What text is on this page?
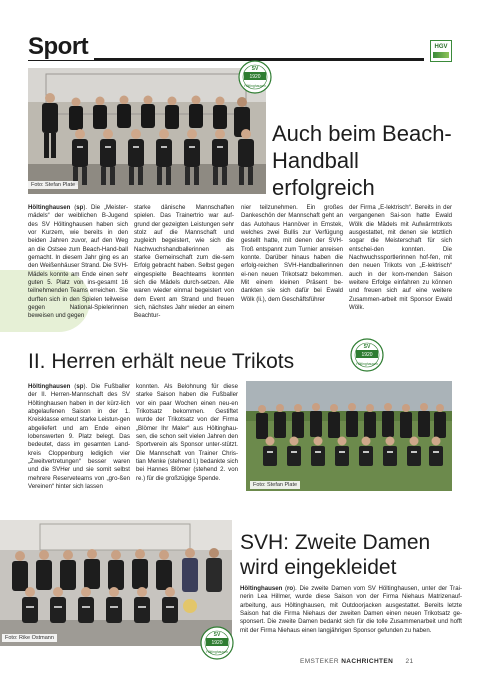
Sport	HGV
Foto: Stefan Plate
1920
SV
Höltinghausen
Auch beim Beach-Handball erfolgreich
Höltinghausen (sp). Die „Meister-mädels“ der weiblichen B-Jugend des SV Höltinghausen haben sich vor Kurzem, wie bereits in den beiden Jahren zuvor, auf den Weg an die Ostsee zum Beach-Hand-ball gemacht. In diesem Jahr ging es an den Weißenhäuser Strand. Die SVH-Mädels konnte am Ende einen sehr guten 5. Platz von ins-gesamt 16 teilnehmenden Teams erreichen. Sie durften sich in den Spielen teilweise gegen National-Spielerinnen beweisen und gegen
starke dänische Mannschaften spielen. Das Trainertrio war auf-grund der gezeigten Leistungen sehr stolz auf die Mannschaft und zugleich begeistert, wie sich die Nachwuchshandballerinnen als starke Gemeinschaft zum die-sem Erfolg gebracht haben. Selbst gegen eingespielte Beachteams konnten sich die Mädels durch-setzen. Alle waren wieder einmal begeistert von dem Event am Strand und freuen sich, nächstes Jahr wieder an einem Beachtur-
nier teilzunehmen. Ein großes Dankeschön der Mannschaft geht an das Autohaus Hannöver in Emstek, welches zwei Bullis zur Verfügung gestellt hatte, mit denen der SVH-Troß entspannt zum Turnier anreisen konnte. Darüber hinaus haben die erfolg-reichen SVH-Handballerinnen ei-nen neuen Trikotsatz bekommen. Mit einem kleinen Präsent be-dankten sie sich dafür bei Ewald Wölk (li.), dem Geschäftsführer
der Firma „E-lektrisch“. Bereits in der vergangenen Sai-son hatte Ewald Wölk die Mädels mit Aufwärmtrikots ausgestattet, mit denen sie letztlich sogar die Meisterschaft für sich entschei-den konnten. Die Nachwuchssportlerinnen hof-fen, mit den neuen Trikots von „E-lektrisch“ auch in der kom-menden Saison weitere Erfolge einfahren zu können und freuen sich auf eine weitere Zusammen-arbeit mit Sponsor Ewald Wölk.
II. Herren erhält neue Trikots	1920
SV
Höltinghausen
Höltinghausen (sp). Die Fußballer der II. Herren-Mannschaft des SV Höltinghausen haben in der kürz-lich abgelaufenen Saison in der 1. Kreisklasse erneut starke Leistun-gen abgeliefert und am Ende einen lobenswerten 9. Platz belegt. Das bedeutet, dass im gesamten Land-kreis Cloppenburg lediglich vier „Zweitvertretungen“ besser waren und die SVHer und sie somit selbst mehrere Reserveteams von „gro-ßen Vereinen“ hinter sich lassen
konnten. Als Belohnung für diese starke Saison haben die Fußballer vor ein paar Wochen einen neu-en Trikotsatz bekommen. Gestiftet wurde der Trikotsatz von der Firma „Blömer Ihr Maler“ aus Höltinghau-sen, die schon seit vielen Jahren den Sportverein als Sponsor unter-stützt. Die Mannschaft von Trainer Chris-tian Menke (stehend l.) bedankte sich bei Hannes Blömer (stehend 2. von re.) für die großzügige Spende.
Foto: Stefan Plate
Foto: Rike Ostmann
1920
SV
Höltinghausen
SVH: Zweite Damen wird eingekleidet
Höltinghausen (ro). Die zweite Damen vom SV Höltinghausen, unter der Trai-nerin Lea Hillmer, wurde diese Saison von der Firma Niehaus Matrizenauf-arbeitung, aus Höltinghausen, mit Outdoorjacken ausgestattet. Bereits letzte Saison hat die Firma Niehaus der zweiten Damen einen neuen Trikotsatz ge-sponsert. Die zweite Damen bedankt sich für die tolle Zusammenarbeit und hofft mit der Firma Niehaus einen langjährigen Sponsor gefunden zu haben.
EMSTEKER NACHRICHTEN 21
